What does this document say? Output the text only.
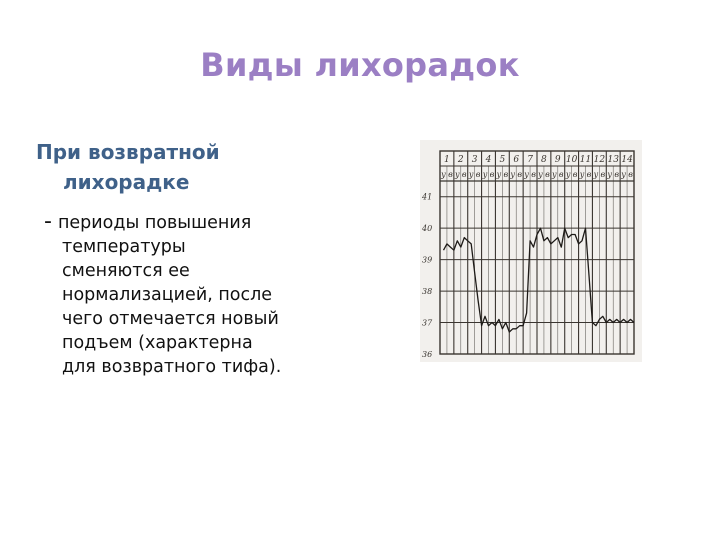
Виды лихорадок
При возвратной
лихорадке
- периоды повышения
температуры
сменяются ее
нормализацией, после
чего отмечается новый
подъем (характерна
для возвратного тифа).
1 2 3 4 5 6 7 8 9 10 11 12 13 14
у в у в у в у в у в у в у в у в у в у в у в у в у в у в
41
40
39
38
37
36
